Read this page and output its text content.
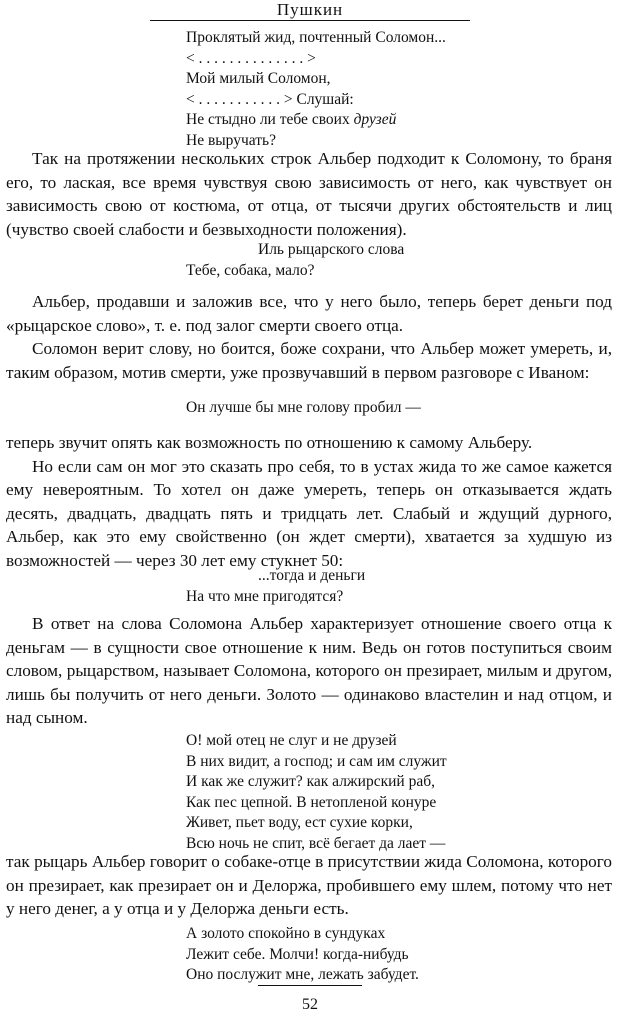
Пушкин
Проклятый жид, почтенный Соломон...
< . . . . . . . . . . . . . . >
Мой милый Соломон,
< . . . . . . . . . . . > Слушай:
Не стыдно ли тебе своих друзей
Не выручать?

Так на протяжении нескольких строк Альбер подходит к Соломону, то браня его, то лаская, все время чувствуя свою зависимость от него, как чувствует он зависимость свою от костюма, от отца, от тысячи других обстоятельств и лиц (чувство своей слабости и безвыходности положения).

Иль рыцарского слова
Тебе, собака, мало?

Альбер, продавши и заложив все, что у него было, теперь берет деньги под «рыцарское слово», т. е. под залог смерти своего отца.

Соломон верит слову, но боится, боже сохрани, что Альбер может умереть, и, таким образом, мотив смерти, уже прозвучавший в первом разговоре с Иваном:

Он лучше бы мне голову пробил —

теперь звучит опять как возможность по отношению к самому Альберу.

Но если сам он мог это сказать про себя, то в устах жида то же самое кажется ему невероятным. То хотел он даже умереть, теперь он отказывается ждать десять, двадцать, двадцать пять и тридцать лет. Слабый и ждущий дурного, Альбер, как это ему свойственно (он ждет смерти), хватается за худшую из возможностей — через 30 лет ему стукнет 50:

...тогда и деньги
На что мне пригодятся?

В ответ на слова Соломона Альбер характеризует отношение своего отца к деньгам — в сущности свое отношение к ним. Ведь он готов поступиться своим словом, рыцарством, называет Соломона, которого он презирает, милым и другом, лишь бы получить от него деньги. Золото — одинаково властелин и над отцом, и над сыном.

О! мой отец не слуг и не друзей
В них видит, а господ; и сам им служит
И как же служит? как алжирский раб,
Как пес цепной. В нетопленой конуре
Живет, пьет воду, ест сухие корки,
Всю ночь не спит, всё бегает да лает —

так рыцарь Альбер говорит о собаке-отце в присутствии жида Соломона, которого он презирает, как презирает он и Делоржа, пробившего ему шлем, потому что нет у него денег, а у отца и у Делоржа деньги есть.

А золото спокойно в сундуках
Лежит себе. Молчи! когда-нибудь
Оно послужит мне, лежать забудет.
52
